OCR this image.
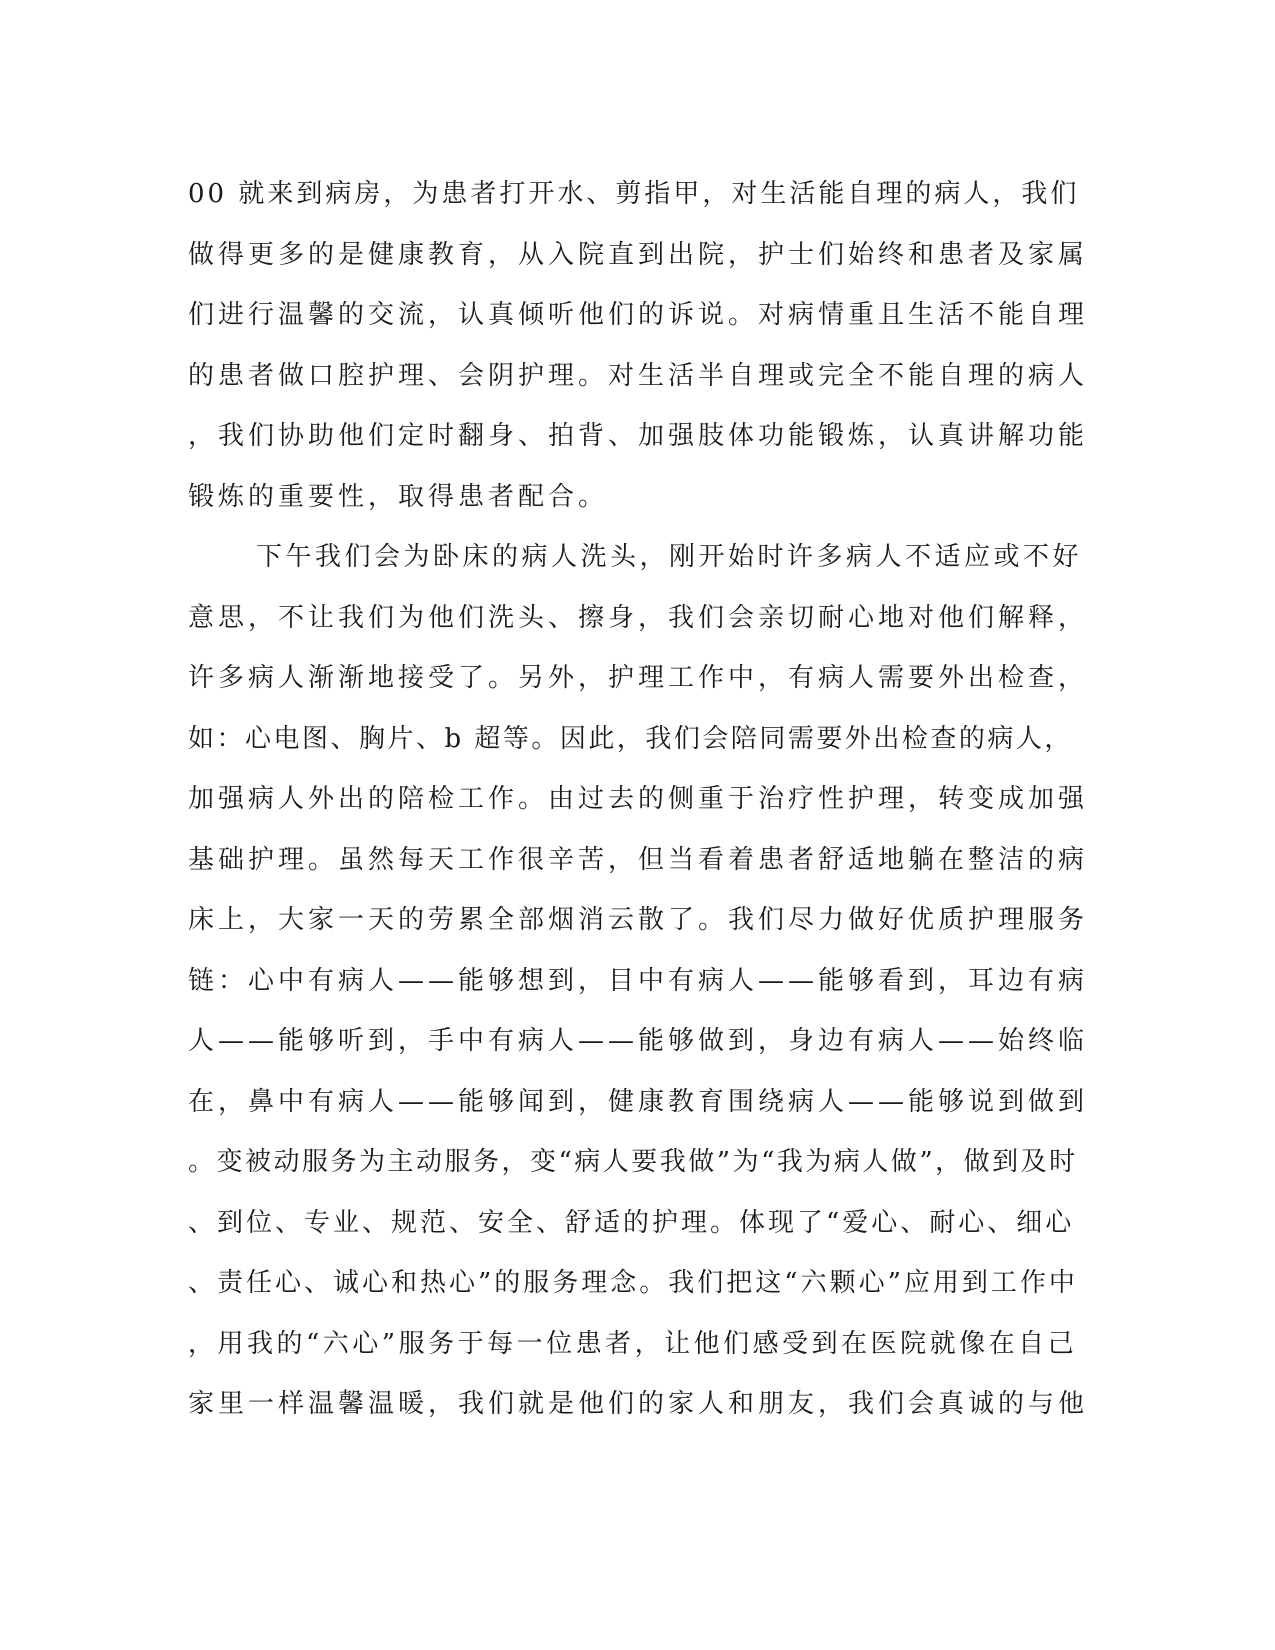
00 就来到病房，为患者打开水、剪指甲，对生活能自理的病人，我们
做得更多的是健康教育，从入院直到出院，护士们始终和患者及家属
们进行温馨的交流，认真倾听他们的诉说。对病情重且生活不能自理
的患者做口腔护理、会阴护理。对生活半自理或完全不能自理的病人
，我们协助他们定时翻身、拍背、加强肢体功能锻炼，认真讲解功能
锻炼的重要性，取得患者配合。
下午我们会为卧床的病人洗头，刚开始时许多病人不适应或不好
意思，不让我们为他们洗头、擦身，我们会亲切耐心地对他们解释，
许多病人渐渐地接受了。另外，护理工作中，有病人需要外出检查，
如：心电图、胸片、b 超等。因此，我们会陪同需要外出检查的病人，
加强病人外出的陪检工作。由过去的侧重于治疗性护理，转变成加强
基础护理。虽然每天工作很辛苦，但当看着患者舒适地躺在整洁的病
床上，大家一天的劳累全部烟消云散了。我们尽力做好优质护理服务
链：心中有病人——能够想到，目中有病人——能够看到，耳边有病
人——能够听到，手中有病人——能够做到，身边有病人——始终临
在，鼻中有病人——能够闻到，健康教育围绕病人——能够说到做到
。变被动服务为主动服务，变“病人要我做”为“我为病人做”，做到及时
、到位、专业、规范、安全、舒适的护理。体现了“爱心、耐心、细心
、责任心、诚心和热心”的服务理念。我们把这“六颗心”应用到工作中
，用我的“六心”服务于每一位患者，让他们感受到在医院就像在自己
家里一样温馨温暖，我们就是他们的家人和朋友，我们会真诚的与他
